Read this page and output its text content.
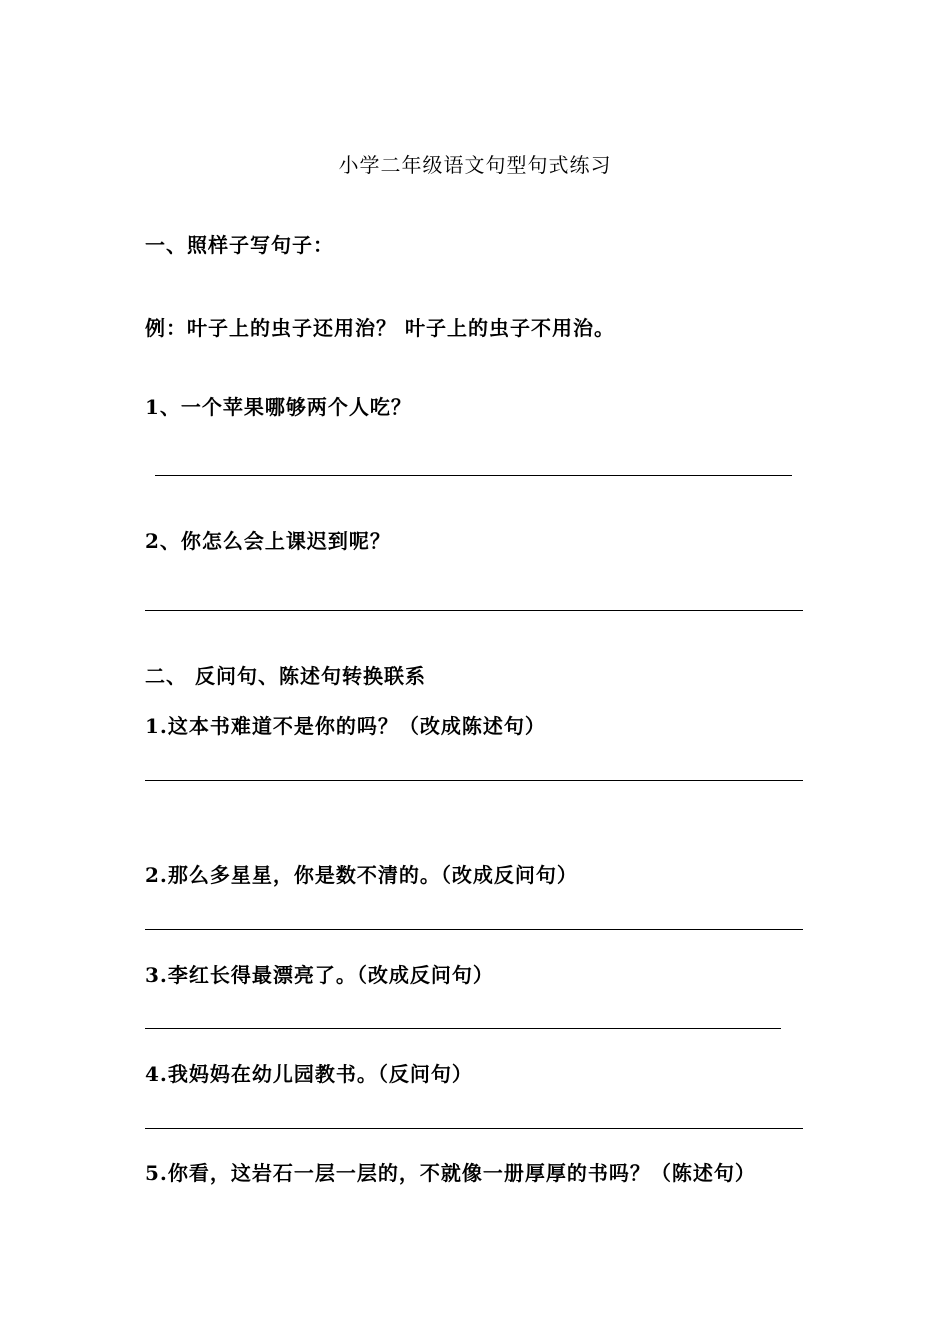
小学二年级语文句型句式练习
一、照样子写句子：
例：叶子上的虫子还用治？ 叶子上的虫子不用治。
1、一个苹果哪够两个人吃？
2、你怎么会上课迟到呢？
二、 反问句、陈述句转换联系
1.这本书难道不是你的吗？（改成陈述句）
2.那么多星星，你是数不清的。（改成反问句）
3.李红长得最漂亮了。（改成反问句）
4.我妈妈在幼儿园教书。（反问句）
5.你看，这岩石一层一层的，不就像一册厚厚的书吗？（陈述句）
